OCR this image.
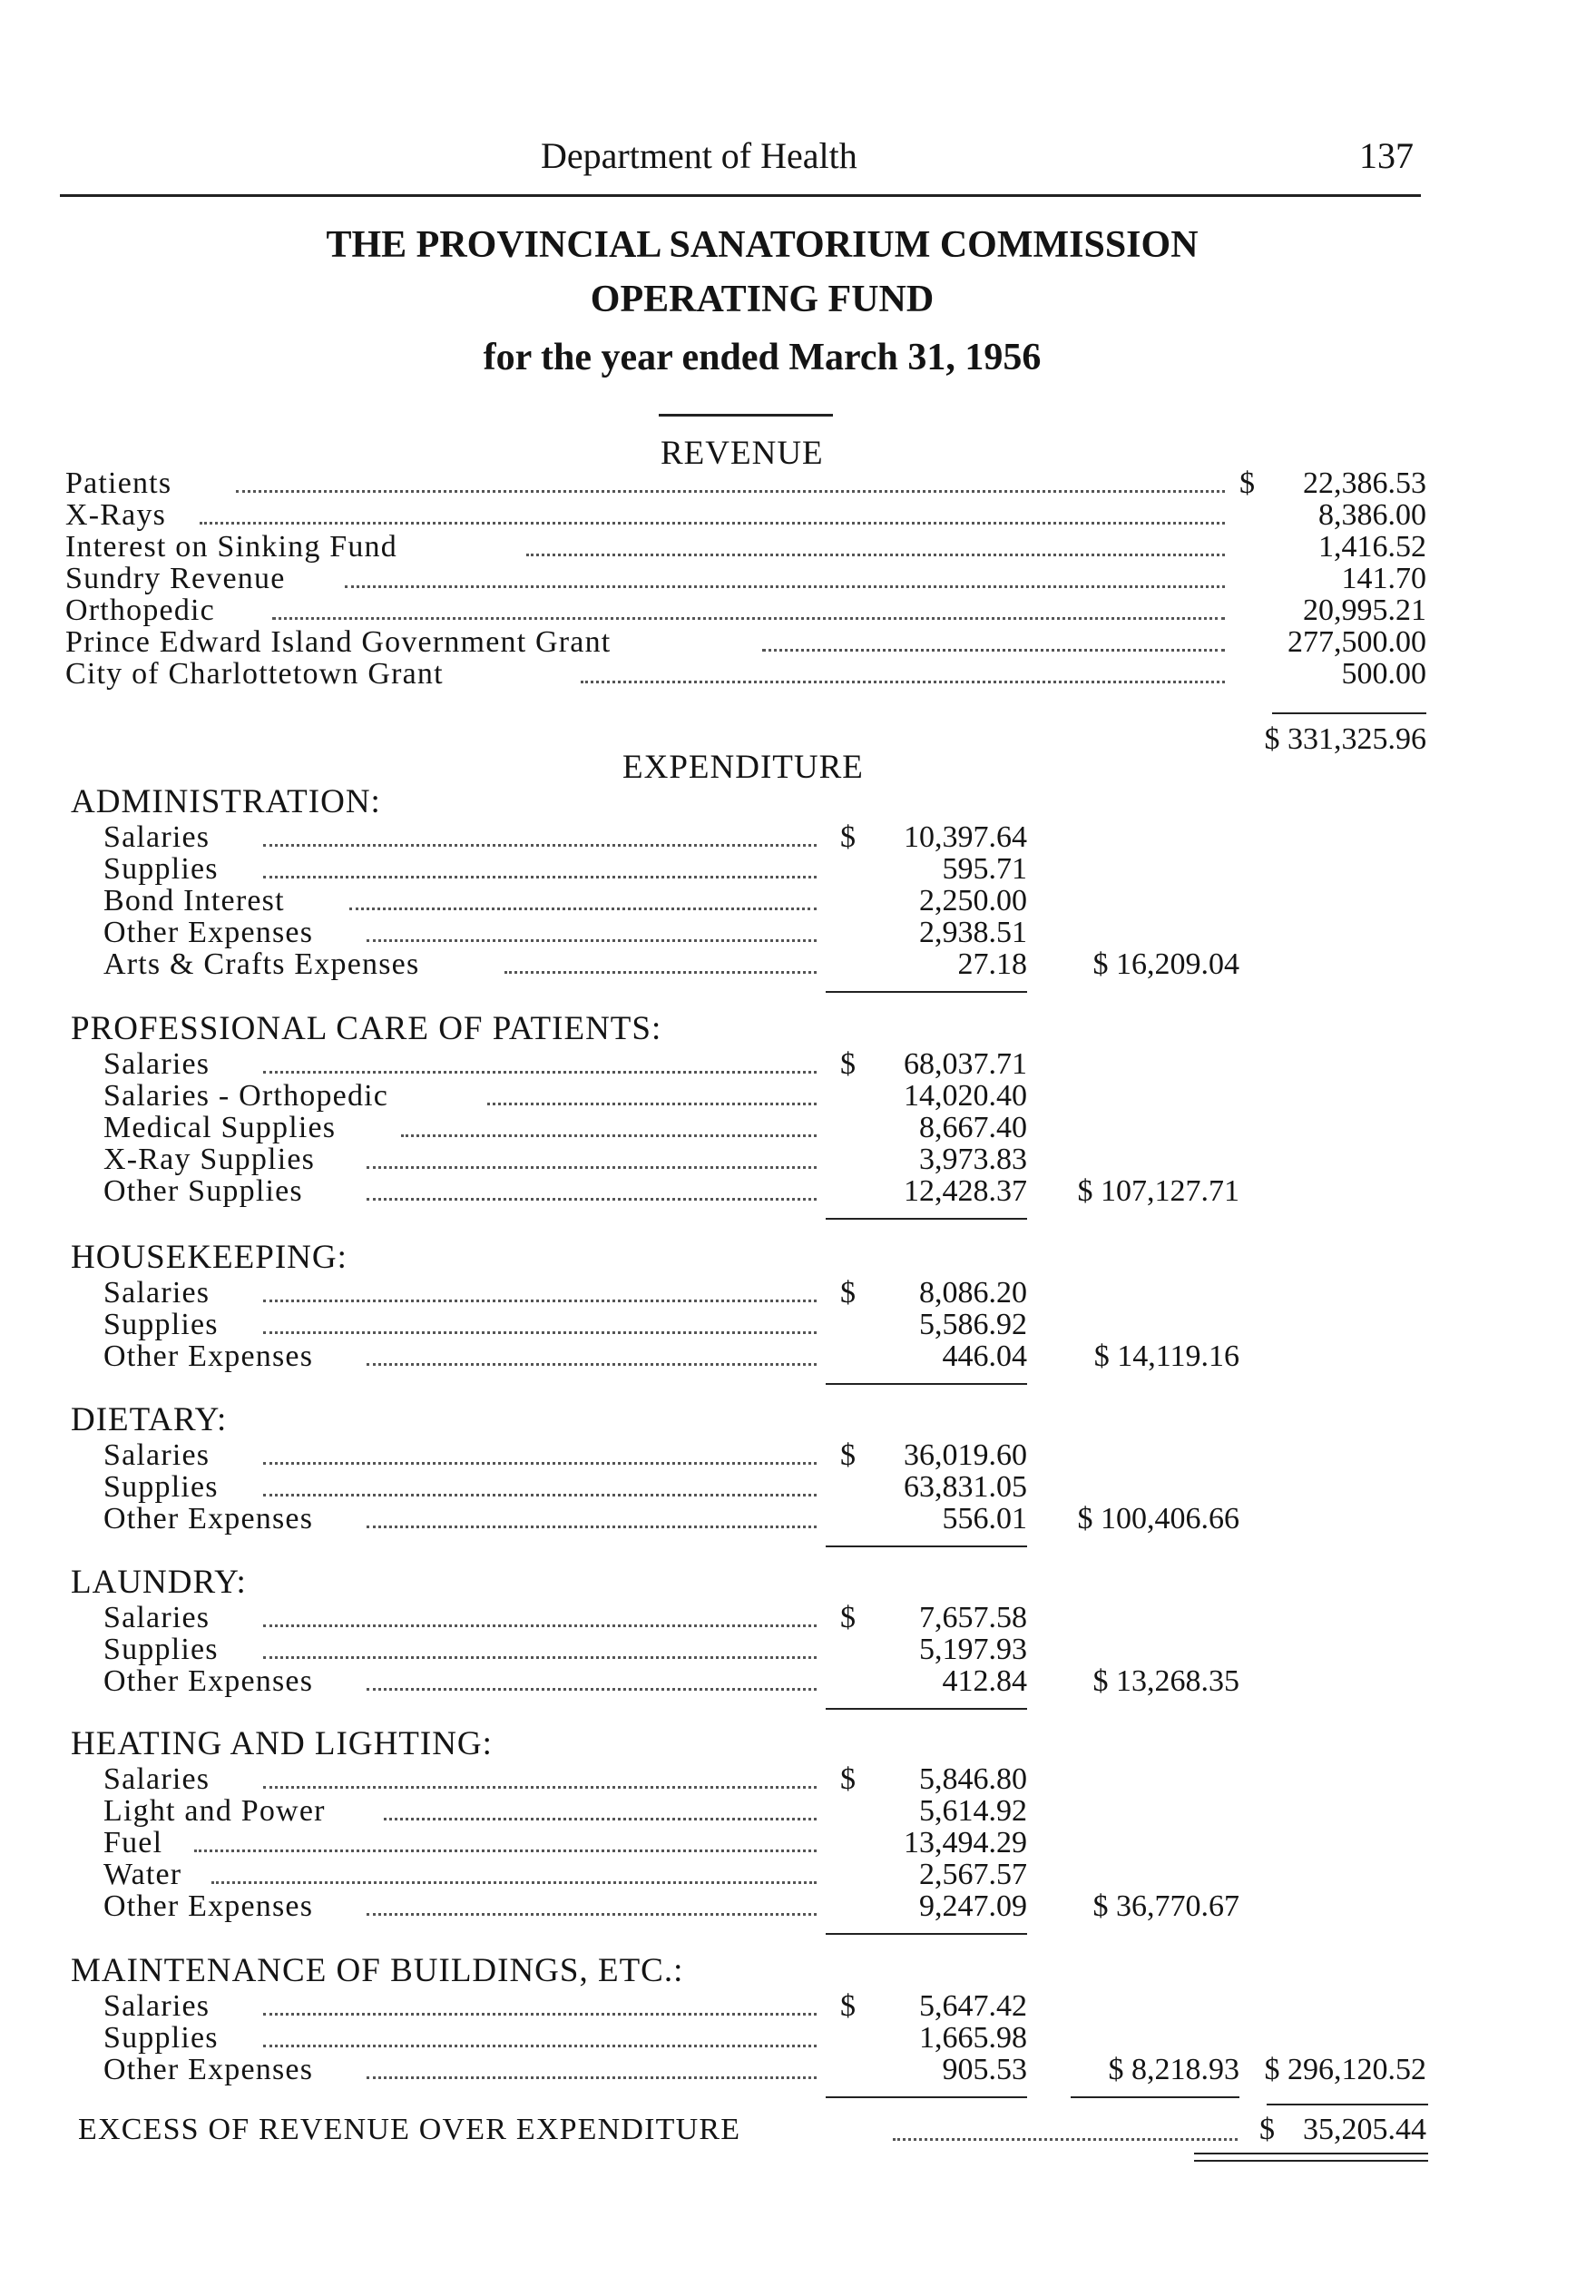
Department of Health	137
THE PROVINCIAL SANATORIUM COMMISSION
OPERATING FUND
for the year ended March 31, 1956
REVENUE
Patients	$	22,386.53
X-Rays	8,386.00
Interest on Sinking Fund	1,416.52
Sundry Revenue	141.70
Orthopedic	20,995.21
Prince Edward Island Government Grant	277,500.00
City of Charlottetown Grant	500.00
$ 331,325.96
EXPENDITURE
ADMINISTRATION:
Salaries	$	10,397.64
Supplies	595.71
Bond Interest	2,250.00
Other Expenses	2,938.51
Arts & Crafts Expenses	27.18	$ 16,209.04
PROFESSIONAL CARE OF PATIENTS:
Salaries	$	68,037.71
Salaries - Orthopedic	14,020.40
Medical Supplies	8,667.40
X-Ray Supplies	3,973.83
Other Supplies	12,428.37	$ 107,127.71
HOUSEKEEPING:
Salaries	$	8,086.20
Supplies	5,586.92
Other Expenses	446.04	$ 14,119.16
DIETARY:
Salaries	$	36,019.60
Supplies	63,831.05
Other Expenses	556.01	$ 100,406.66
LAUNDRY:
Salaries	$	7,657.58
Supplies	5,197.93
Other Expenses	412.84	$ 13,268.35
HEATING AND LIGHTING:
Salaries	$	5,846.80
Light and Power	5,614.92
Fuel	13,494.29
Water	2,567.57
Other Expenses	9,247.09	$ 36,770.67
MAINTENANCE OF BUILDINGS, ETC.:
Salaries	$	5,647.42
Supplies	1,665.98
Other Expenses	905.53	$ 8,218.93 $ 296,120.52
EXCESS OF REVENUE OVER EXPENDITURE	$ 35,205.44
